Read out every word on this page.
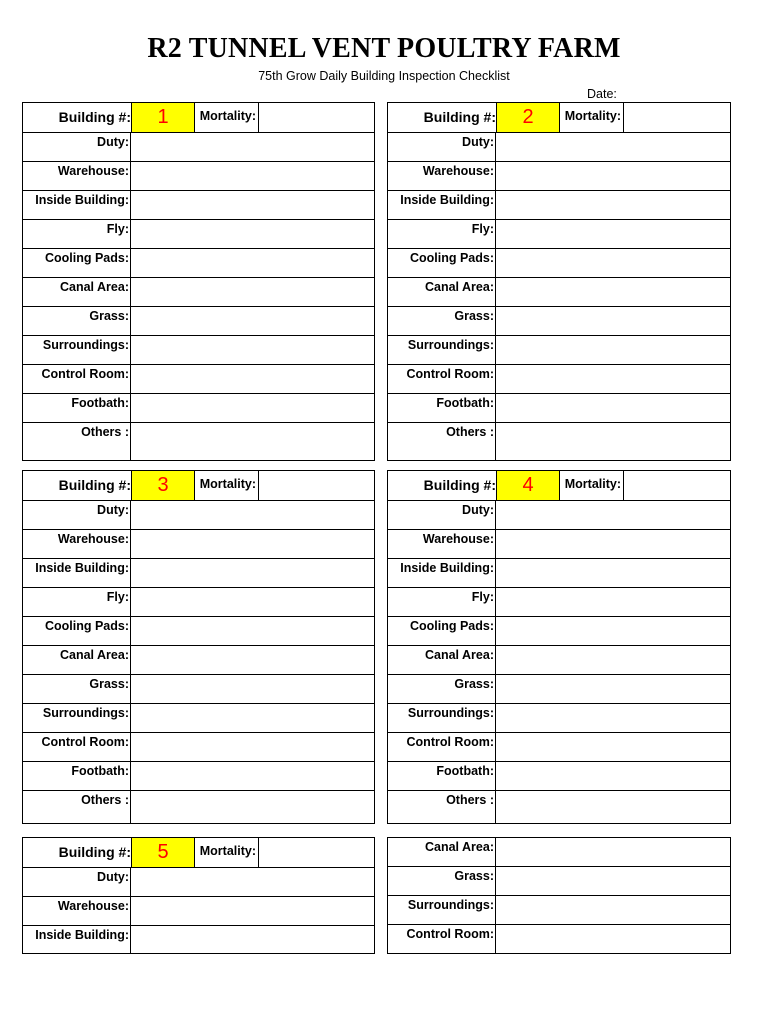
R2 TUNNEL VENT POULTRY FARM
75th Grow Daily Building Inspection Checklist
Date:
Building #:	1	Mortality:
Duty:
Warehouse:
Inside Building:
Fly:
Cooling Pads:
Canal Area:
Grass:
Surroundings:
Control Room:
Footbath:
Others :
Building #:	2	Mortality:
Duty:
Warehouse:
Inside Building:
Fly:
Cooling Pads:
Canal Area:
Grass:
Surroundings:
Control Room:
Footbath:
Others :
Building #:	3	Mortality:
Duty:
Warehouse:
Inside Building:
Fly:
Cooling Pads:
Canal Area:
Grass:
Surroundings:
Control Room:
Footbath:
Others :
Building #:	4	Mortality:
Duty:
Warehouse:
Inside Building:
Fly:
Cooling Pads:
Canal Area:
Grass:
Surroundings:
Control Room:
Footbath:
Others :
Building #:	5	Mortality:
Duty:
Warehouse:
Inside Building:
Canal Area:
Grass:
Surroundings:
Control Room:
